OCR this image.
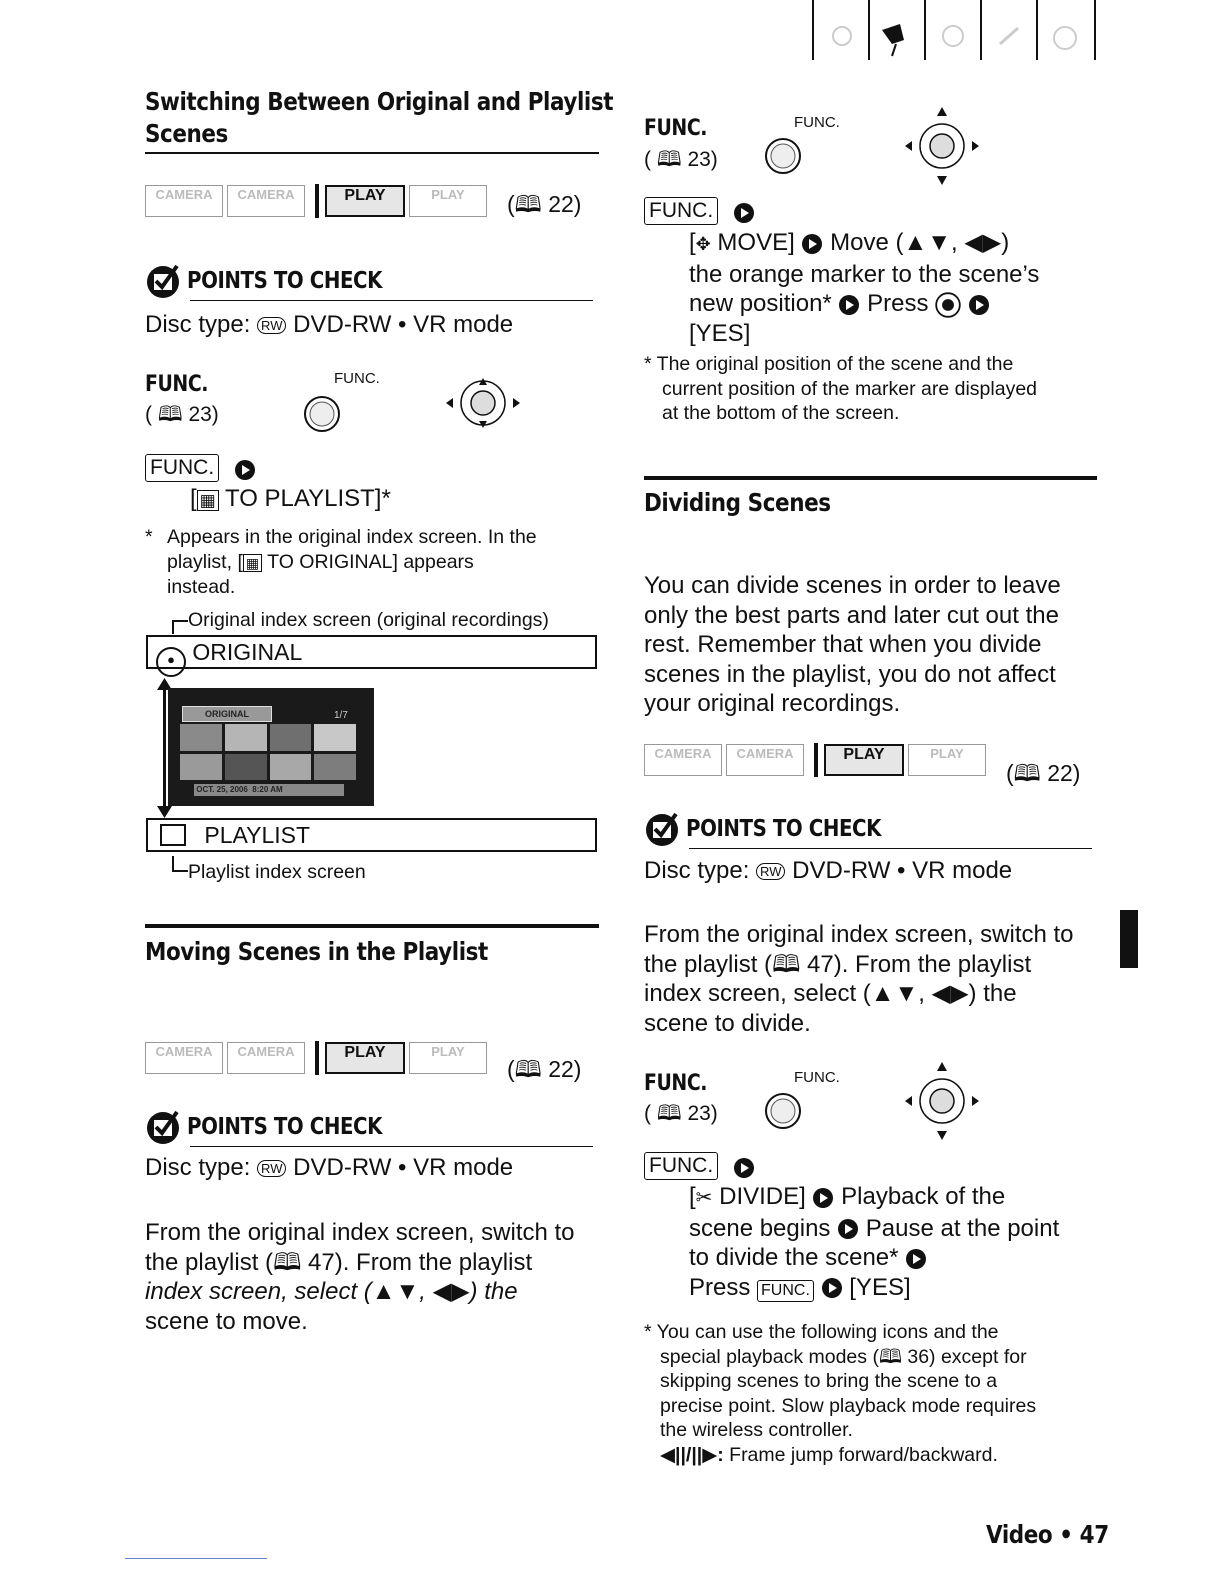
Switching Between Original and Playlist
Scenes
CAMERA CAMERA	PLAY	PLAY (🕮 22)
POINTS TO CHECK
Disc type: RW DVD-RW • VR mode
FUNC.
( 🕮 23)
FUNC.
FUNC.
[ ▦ TO PLAYLIST]*
* Appears in the original index screen. In the
playlist, [ ▦ TO ORIGINAL] appears
instead.
Original index screen (original recordings)
● ORIGINAL
ORIGINAL	1/7
OCT. 25, 2006 8:20 AM
PLAYLIST
Playlist index screen
Moving Scenes in the Playlist
CAMERA CAMERA	PLAY	PLAY
(🕮 22)
POINTS TO CHECK
Disc type: RW DVD-RW • VR mode
From the original index screen, switch to
the playlist (🕮 47). From the playlist
index screen, select (▲▼, ◀▶) the
scene to move.
FUNC.
( 🕮 23)
FUNC.
FUNC.
[✥ MOVE]  Move (▲▼, ◀▶)
the orange marker to the scene’s
new position*  Press
[YES]
* The original position of the scene and the
current position of the marker are displayed
at the bottom of the screen.
Dividing Scenes
You can divide scenes in order to leave
only the best parts and later cut out the
rest. Remember that when you divide
scenes in the playlist, you do not affect
your original recordings.
CAMERA CAMERA	PLAY	PLAY
(🕮 22)
POINTS TO CHECK
Disc type: RW DVD-RW • VR mode
From the original index screen, switch to
the playlist (🕮 47). From the playlist
index screen, select (▲▼, ◀▶) the
scene to divide.
FUNC.
( 🕮 23)
FUNC.
FUNC.
[✂ DIVIDE]  Playback of the
scene begins  Pause at the point
to divide the scene*
Press FUNC. [YES]
* You can use the following icons and the
special playback modes (🕮 36) except for
skipping scenes to bring the scene to a
precise point. Slow playback mode requires
the wireless controller.
◀||/||▶: Frame jump forward/backward.
Video • 47
